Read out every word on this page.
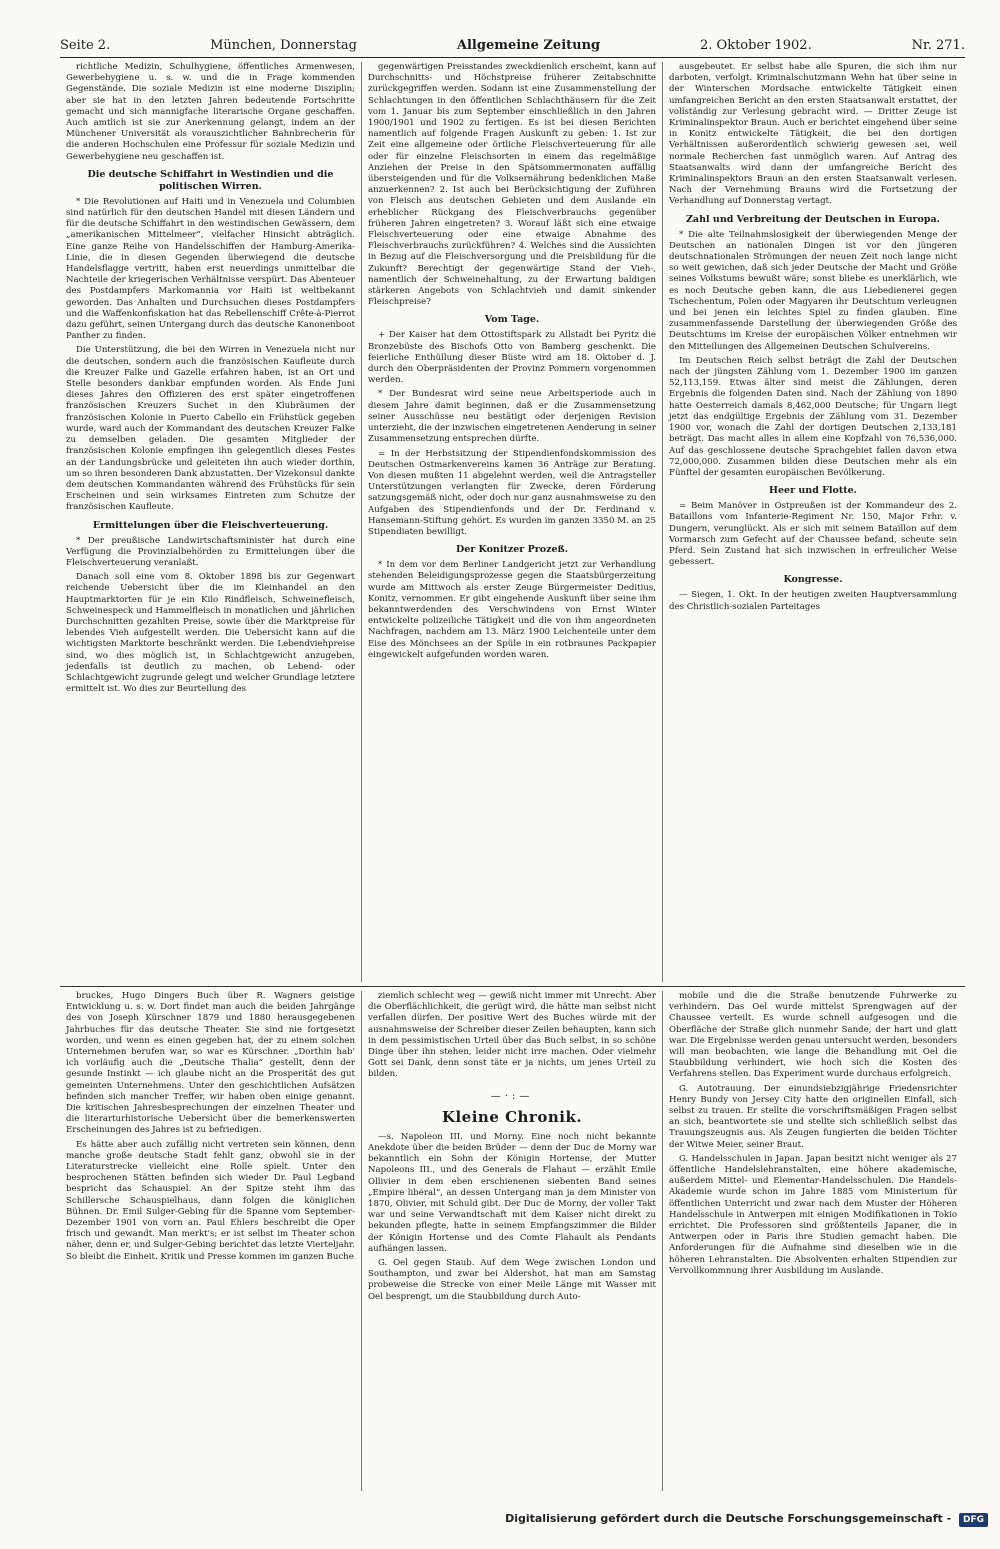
Seite 2.	München, Donnerstag	Allgemeine Zeitung	2. Oktober 1902.	Nr. 271.

richtliche Medizin, Schulhygiene, öffentliches Armenwesen, Gewerbehygiene u. s. w. und die in Frage kommenden Gegenstände. Die soziale Medizin ist eine moderne Disziplin; aber sie hat in den letzten Jahren bedeutende Fortschritte gemacht und sich mannigfache literarische Organe geschaffen. Auch amtlich ist sie zur Anerkennung gelangt, indem an der Münchener Universität als vorauszichtlicher Bahnbrecherin für die anderen Hochschulen eine Professur für soziale Medizin und Gewerbehygiene neu geschaffen ist.

Die deutsche Schiffahrt in Westindien und die politischen Wirren.

* Die Revolutionen auf Haiti und in Venezuela und Columbien sind natürlich für den deutschen Handel mit diesen Ländern und für die deutsche Schiffahrt in den westindischen Gewässern, dem „amerikanischen Mittelmeer“, vielfacher Hinsicht abträglich. Eine ganze Reihe von Handelsschiffen der Hamburg-Amerika-Linie, die in diesen Gegenden überwiegend die deutsche Handelsflagge vertritt, haben erst neuerdings unmittelbar die Nachteile der kriegerischen Verhältnisse verspürt. Das Abenteuer des Postdampfers Markomannia vor Haiti ist weltbekannt geworden. Das Anhalten und Durchsuchen dieses Postdampfers und die Waffenkonfiskation hat das Rebellenschiff Crête-à-Pierrot dazu geführt, seinen Untergang durch das deutsche Kanonenboot Panther zu finden.

Die Unterstützung, die bei den Wirren in Venezuela nicht nur die deutschen, sondern auch die französischen Kaufleute durch die Kreuzer Falke und Gazelle erfahren haben, ist an Ort und Stelle besonders dankbar empfunden worden. Als Ende Juni dieses Jahres den Offizieren des erst später eingetroffenen französischen Kreuzers Suchet in den Klubräumen der französischen Kolonie in Puerto Cabello ein Frühstück gegeben wurde, ward auch der Kommandant des deutschen Kreuzer Falke zu demselben geladen. Die gesamten Mitglieder der französischen Kolonie empfingen ihn gelegentlich dieses Festes an der Landungsbrücke und geleiteten ihn auch wieder dorthin, um so ihren besonderen Dank abzustatten. Der Vizekonsul dankte dem deutschen Kommandanten während des Frühstücks für sein Erscheinen und sein wirksames Eintreten zum Schutze der französischen Kaufleute.

Ermittelungen über die Fleischverteuerung.

* Der preußische Landwirtschaftsminister hat durch eine Verfügung die Provinzialbehörden zu Ermittelungen über die Fleischverteuerung veranlaßt.

Danach soll eine vom 8. Oktober 1898 bis zur Gegenwart reichende Uebersicht über die im Kleinhandel an den Hauptmarktorten für je ein Kilo Rindfleisch, Schweinefleisch, Schweinespeck und Hammelfleisch in monatlichen und jährlichen Durchschnitten gezahlten Preise, sowie über die Marktpreise für lebendes Vieh aufgestellt werden. Die Uebersicht kann auf die wichtigsten Marktorte beschränkt werden. Die Lebendviehpreise sind, wo dies möglich ist, in Schlachtgewicht anzugeben, jedenfalls ist deutlich zu machen, ob Lebend- oder Schlachtgewicht zugrunde gelegt und welcher Grundlage letztere ermittelt ist. Wo dies zur Beurteilung des

gegenwärtigen Preisstandes zweckdienlich erscheint, kann auf Durchschnitts- und Höchstpreise früherer Zeitabschnitte zurückgegriffen werden. Sodann ist eine Zusammenstellung der Schlachtungen in den öffentlichen Schlachthäusern für die Zeit vom 1. Januar bis zum September einschließlich in den Jahren 1900/1901 und 1902 zu fertigen. Es ist bei diesen Berichten namentlich auf folgende Fragen Auskunft zu geben: 1. Ist zur Zeit eine allgemeine oder örtliche Fleischverteuerung für alle oder für einzelne Fleischsorten in einem das regelmäßige Anziehen der Preise in den Spätsommermonaten auffällig übersteigenden und für die Volksernährung bedenklichen Maße anzuerkennen? 2. Ist auch bei Berücksichtigung der Zuführen von Fleisch aus deutschen Gebieten und dem Auslande ein erheblicher Rückgang des Fleischverbrauchs gegenüber früheren Jahren eingetreten? 3. Worauf läßt sich eine etwaige Fleischverteuerung oder eine etwaige Abnahme des Fleischverbrauchs zurückführen? 4. Welches sind die Aussichten in Bezug auf die Fleischversorgung und die Preisbildung für die Zukunft? Berechtigt der gegenwärtige Stand der Vieh-, namentlich der Schweinehaltung, zu der Erwartung baldigen stärkeren Angebots von Schlachtvieh und damit sinkender Fleischpreise?

Vom Tage.

+ Der Kaiser hat dem Ottostiftspark zu Allstadt bei Pyritz die Bronzebüste des Bischofs Otto von Bamberg geschenkt. Die feierliche Enthüllung dieser Büste wird am 18. Oktober d. J. durch den Oberpräsidenten der Provinz Pommern vorgenommen werden.

* Der Bundesrat wird seine neue Arbeitsperiode auch in diesem Jahre damit beginnen, daß er die Zusammensetzung seiner Ausschüsse neu bestätigt oder derjenigen Revision unterzieht, die der inzwischen eingetretenen Aenderung in seiner Zusammensetzung entsprechen dürfte.

= In der Herbstsitzung der Stipendienfondskommission des Deutschen Ostmarkenvereins kamen 36 Anträge zur Beratung. Von diesen mußten 11 abgelehnt werden, weil die Antragsteller Unterstützungen verlangten für Zwecke, deren Förderung satzungsgemäß nicht, oder doch nur ganz ausnahmsweise zu den Aufgaben des Stipendienfonds und der Dr. Ferdinand v. Hansemann-Stiftung gehört. Es wurden im ganzen 3350 M. an 25 Stipendiaten bewilligt.

Der Konitzer Prozeß.

* In dem vor dem Berliner Landgericht jetzt zur Verhandlung stehenden Beleidigungsprozesse gegen die Staatsbürgerzeitung wurde am Mittwoch als erster Zeuge Bürgermeister Deditius, Konitz, vernommen. Er gibt eingehende Auskunft über seine ihm bekanntwerdenden des Verschwindens von Ernst Winter entwickelte polizeiliche Tätigkeit und die von ihm angeordneten Nachfragen, nachdem am 13. März 1900 Leichenteile unter dem Eise des Mönchsees an der Spüle in ein rotbraunes Packpapier eingewickelt aufgefunden worden waren.

ausgebeutet. Er selbst habe alle Spuren, die sich ihm nur darboten, verfolgt. Kriminalschutzmann Wehn hat über seine in der Winterschen Mordsache entwickelte Tätigkeit einen umfangreichen Bericht an den ersten Staatsanwalt erstattet, der vollständig zur Verlesung gebracht wird. — Dritter Zeuge ist Kriminalinspektor Braun. Auch er berichtet eingehend über seine in Konitz entwickelte Tätigkeit, die bei den dortigen Verhältnissen außerordentlich schwierig gewesen sei, weil normale Recherchen fast unmöglich waren. Auf Antrag des Staatsanwalts wird dann der umfangreiche Bericht des Kriminalinspektors Braun an den ersten Staatsanwalt verlesen. Nach der Vernehmung Brauns wird die Fortsetzung der Verhandlung auf Donnerstag vertagt.

Zahl und Verbreitung der Deutschen in Europa.

* Die alte Teilnahmslosigkeit der überwiegenden Menge der Deutschen an nationalen Dingen ist vor den jüngeren deutschnationalen Strömungen der neuen Zeit noch lange nicht so weit gewichen, daß sich jeder Deutsche der Macht und Größe seines Volkstums bewußt wäre; sonst bliebe es unerklärlich, wie es noch Deutsche geben kann, die aus Liebedienerei gegen Tschechentum, Polen oder Magyaren ihr Deutschtum verleugnen und bei jenen ein leichtes Spiel zu finden glauben. Eine zusammenfassende Darstellung der überwiegenden Größe des Deutschtums im Kreise der europäischen Völker entnehmen wir den Mitteilungen des Allgemeinen Deutschen Schulvereins.

Im Deutschen Reich selbst beträgt die Zahl der Deutschen nach der jüngsten Zählung vom 1. Dezember 1900 im ganzen 52,113,159. Etwas älter sind meist die Zählungen, deren Ergebnis die folgenden Daten sind. Nach der Zählung von 1890 hatte Oesterreich damals 8,462,000 Deutsche; für Ungarn liegt jetzt das endgültige Ergebnis der Zählung vom 31. Dezember 1900 vor, wonach die Zahl der dortigen Deutschen 2,133,181 beträgt. Das macht alles in allem eine Kopfzahl von 76,536,000. Auf das geschlossene deutsche Sprachgebiet fallen davon etwa 72,000,000. Zusammen bilden diese Deutschen mehr als ein Fünftel der gesamten europäischen Bevölkerung.

Heer und Flotte.

= Beim Manöver in Ostpreußen ist der Kommandeur des 2. Bataillons vom Infanterie-Regiment Nr. 150, Major Frhr. v. Dungern, verunglückt. Als er sich mit seinem Bataillon auf dem Vormarsch zum Gefecht auf der Chaussee befand, scheute sein Pferd. Sein Zustand hat sich inzwischen in erfreulicher Weise gebessert.

Kongresse.

— Siegen, 1. Okt. In der heutigen zweiten Hauptversammlung des Christlich-sozialen Parteitages

bruckes, Hugo Dingers Buch über R. Wagners geistige Entwicklung u. s. w. Dort findet man auch die beiden Jahrgänge des von Joseph Kürschner 1879 und 1880 herausgegebenen Jahrbuches für das deutsche Theater. Sie sind nie fortgesetzt worden, und wenn es einen gegeben hat, der zu einem solchen Unternehmen berufen war, so war es Kürschner. „Dorthin hab' ich vorläufig auch die „Deutsche Thalia“ gestellt, denn der gesunde Instinkt — ich glaube nicht an die Prosperität des gut gemeinten Unternehmens. Unter den geschichtlichen Aufsätzen befinden sich mancher Treffer, wir haben oben einige genannt. Die kritischen Jahresbesprechungen der einzelnen Theater und die literarturhistorische Uebersicht über die bemerkenswerten Erscheinungen des Jahres ist zu befriedigen.

Es hätte aber auch zufällig nicht vertreten sein können, denn manche große deutsche Stadt fehlt ganz, obwohl sie in der Literaturstrecke vielleicht eine Rolle spielt. Unter den besprochenen Stätten befinden sich wieder Dr. Paul Legband bespricht das Schauspiel. An der Spitze steht ihm das Schillersche Schauspielhaus, dann folgen die königlichen Bühnen. Dr. Emil Sulger-Gebing für die Spanne vom September-Dezember 1901 von vorn an. Paul Ehlers beschreibt die Oper frisch und gewandt. Man merkt's; er ist selbst im Theater schon näher, denn er, und Sulger-Gebing berichtet das letzte Vierteljahr. So bleibt die Einheit. Kritik und Presse kommen im ganzen Buche

ziemlich schlecht weg — gewiß nicht immer mit Unrecht. Aber die Oberflächlichkeit, die gerügt wird, die hätte man selbst nicht verfallen dürfen. Der positive Wert des Buches würde mit der ausnahmsweise der Schreiber dieser Zeilen behaupten, kann sich in dem pessimistischen Urteil über das Buch selbst, in so schöne Dinge über ihn stehen, leider nicht irre machen. Oder vielmehr Gott sei Dank, denn sonst täte er ja nichts, um jenes Urteil zu bilden.

—·:—
Kleine Chronik.

—s. Napoleon III. und Morny. Eine noch nicht bekannte Anekdote über die beiden Brüder — denn der Duc de Morny war bekanntlich ein Sohn der Königin Hortense, der Mutter Napoleons III., und des Generals de Flahaut — erzählt Emile Ollivier in dem eben erschienenen siebenten Band seines „Empire libéral“, an dessen Untergang man ja dem Minister von 1870, Olivier, mit Schuld gibt. Der Duc de Morny, der voller Takt war und seine Verwandtschaft mit dem Kaiser nicht direkt zu bekunden pflegte, hatte in seinem Empfangszimmer die Bilder der Königin Hortense und des Comte Flahault als Pendants aufhängen lassen.

G. Oel gegen Staub. Auf dem Wege zwischen London und Southampton, und zwar bei Aldershot, hat man am Samstag probeweise die Strecke von einer Meile Länge mit Wasser mit Oel besprengt, um die Staubbildung durch Auto-

mobile und die die Straße benutzende Fuhrwerke zu verhindern. Das Oel wurde mittelst Sprengwagen auf der Chaussee verteilt. Es wurde schnell aufgesogen und die Oberfläche der Straße glich nunmehr Sande, der hart und glatt war. Die Ergebnisse werden genau untersucht werden, besonders will man beobachten, wie lange die Behandlung mit Oel die Staubbildung verhindert, wie hoch sich die Kosten des Verfahrens stellen. Das Experiment wurde durchaus erfolgreich.

G. Autotrauung. Der einundsiebzigjährige Friedensrichter Henry Bundy von Jersey City hatte den originellen Einfall, sich selbst zu trauen. Er stellte die vorschriftsmäßigen Fragen selbst an sich, beantwortete sie und stellte sich schließlich selbst das Trauungszeugnis aus. Als Zeugen fungierten die beiden Töchter der Witwe Meier, seiner Braut.

G. Handelsschulen in Japan. Japan besitzt nicht weniger als 27 öffentliche Handelslehranstalten, eine höhere akademische, außerdem Mittel- und Elementar-Handelsschulen. Die Handels-Akademie wurde schon im Jahre 1885 vom Ministerium für öffentlichen Unterricht und zwar nach dem Muster der Höheren Handelsschule in Antwerpen mit einigen Modifikationen in Tokio errichtet. Die Professoren sind größtenteils Japaner, die in Antwerpen oder in Paris ihre Studien gemacht haben. Die Anforderungen für die Aufnahme sind dieselben wie in die höheren Lehranstalten. Die Absolventen erhalten Stipendien zur Vervollkommnung ihrer Ausbildung im Auslande.

Digitalisierung gefördert durch die Deutsche Forschungsgemeinschaft - DFG
